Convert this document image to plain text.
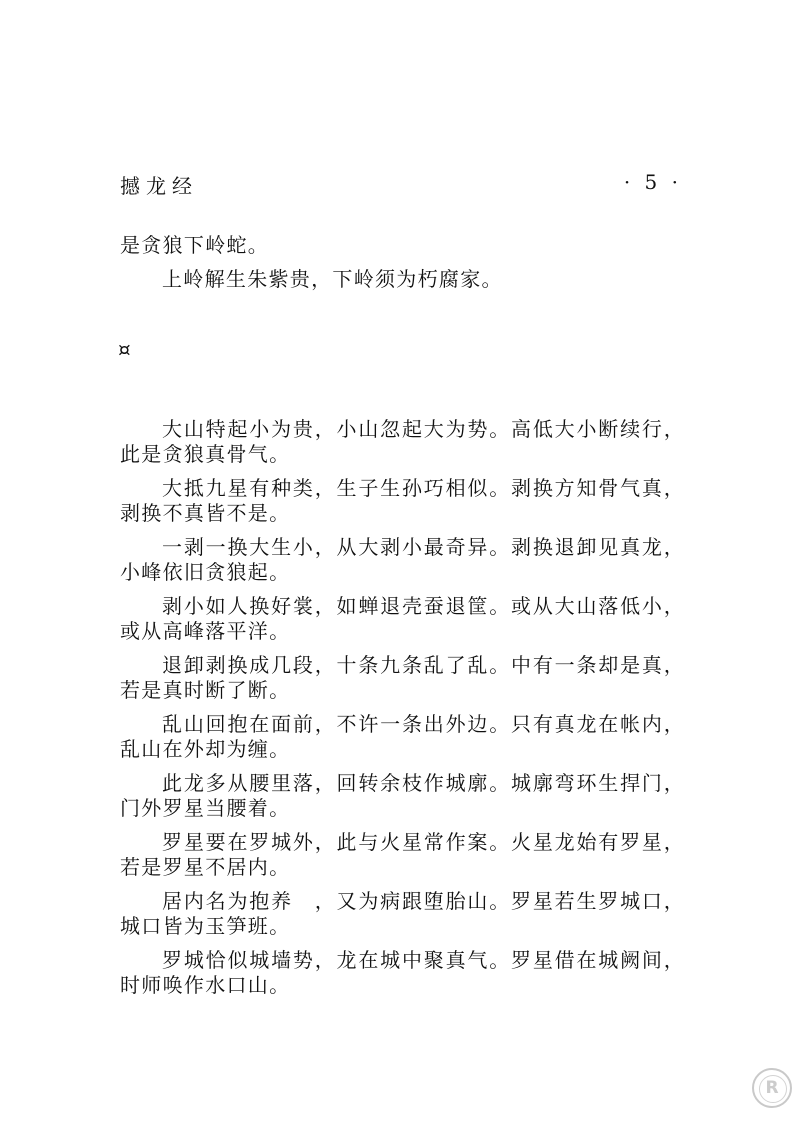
撼龙经	· 5 ·

是贪狼下岭蛇。

上岭解生朱紫贵，下岭须为朽腐家。

¤

大山特起小为贵，小山忽起大为势。高低大小断续行，此是贪狼真骨气。

大抵九星有种类，生子生孙巧相似。剥换方知骨气真，剥换不真皆不是。

一剥一换大生小，从大剥小最奇异。剥换退卸见真龙，小峰依旧贪狼起。

剥小如人换好裳，如蝉退壳蚕退筐。或从大山落低小，或从高峰落平洋。

退卸剥换成几段，十条九条乱了乱。中有一条却是真，若是真时断了断。

乱山回抱在面前，不许一条出外边。只有真龙在帐内，乱山在外却为缠。

此龙多从腰里落，回转余枝作城廓。城廓弯环生捍门，门外罗星当腰着。

罗星要在罗城外，此与火星常作案。火星龙始有罗星，若是罗星不居内。

居内名为抱养　，又为病跟堕胎山。罗星若生罗城口，城口皆为玉笋班。

罗城恰似城墙势，龙在城中聚真气。罗星借在城阙间，时师唤作水口山。

R
